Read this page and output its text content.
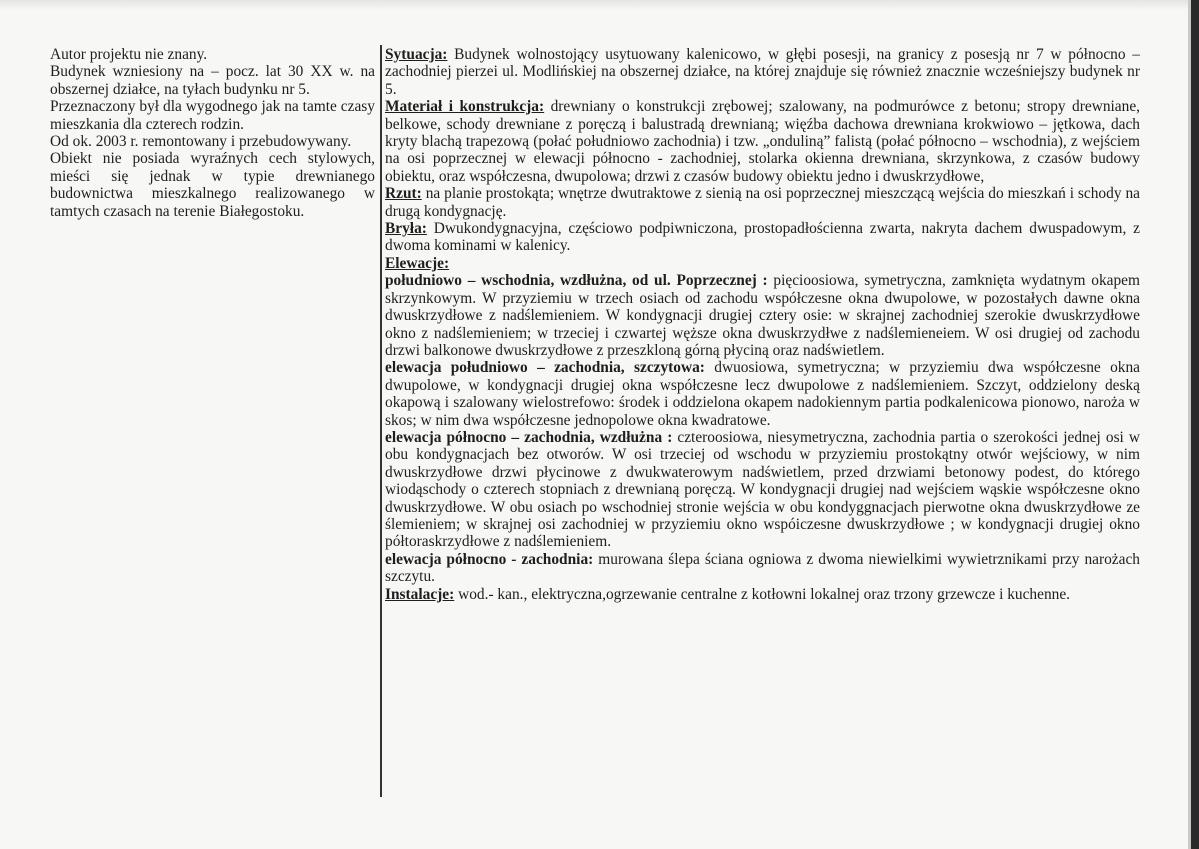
Autor projektu nie znany.

Budynek wzniesiony na – pocz. lat 30 XX w. na obszernej działce, na tyłach budynku nr 5.

Przeznaczony był dla wygodnego jak na tamte czasy mieszkania dla czterech rodzin.

Od ok. 2003 r. remontowany i przebudowywany.

Obiekt nie posiada wyraźnych cech stylowych, mieści się jednak w typie drewnianego budownictwa mieszkalnego realizowanego w tamtych czasach na terenie Białegostoku.

Sytuacja: Budynek wolnostojący usytuowany kalenicowo, w głębi posesji, na granicy z posesją nr 7 w północno – zachodniej pierzei ul. Modlińskiej na obszernej działce, na której znajduje się również znacznie wcześniejszy budynek nr 5.

Materiał i konstrukcja: drewniany o konstrukcji zrębowej; szalowany, na podmurówce z betonu; stropy drewniane, belkowe, schody drewniane z poręczą i balustradą drewnianą; więźba dachowa drewniana krokwiowo – jętkowa, dach kryty blachą trapezową (połać południowo zachodnia) i tzw. „onduliną” falistą (połać północno – wschodnia), z wejściem na osi poprzecznej w elewacji północno - zachodniej, stolarka okienna drewniana, skrzynkowa, z czasów budowy obiektu, oraz współczesna, dwupolowa; drzwi z czasów budowy obiektu jedno i dwuskrzydłowe,

Rzut: na planie prostokąta; wnętrze dwutraktowe z sienią na osi poprzecznej mieszczącą wejścia do mieszkań i schody na drugą kondygnację.

Bryła: Dwukondygnacyjna, częściowo podpiwniczona, prostopadłościenna zwarta, nakryta dachem dwuspadowym, z dwoma kominami w kalenicy.

Elewacje:

południowo – wschodnia, wzdłużna, od ul. Poprzecznej : pięcioosiowa, symetryczna, zamknięta wydatnym okapem skrzynkowym. W przyziemiu w trzech osiach od zachodu współczesne okna dwupolowe, w pozostałych dawne okna dwuskrzydłowe z nadślemieniem. W kondygnacji drugiej cztery osie: w skrajnej zachodniej szerokie dwuskrzydłowe okno z nadślemieniem; w trzeciej i czwartej węższe okna dwuskrzydłwe z nadślemieneiem. W osi drugiej od zachodu drzwi balkonowe dwuskrzydłowe z przeszkloną górną płyciną oraz nadświetlem.

elewacja południowo – zachodnia, szczytowa: dwuosiowa, symetryczna; w przyziemiu dwa współczesne okna dwupolowe, w kondygnacji drugiej okna współczesne lecz dwupolowe z nadślemieniem. Szczyt, oddzielony deską okapową i szalowany wielostrefowo: środek i oddzielona okapem nadokiennym partia podkalenicowa pionowo, naroża w skos; w nim dwa współczesne jednopolowe okna kwadratowe.

elewacja północno – zachodnia, wzdłużna : czteroosiowa, niesymetryczna, zachodnia partia o szerokości jednej osi w obu kondygnacjach bez otworów. W osi trzeciej od wschodu w przyziemiu prostokątny otwór wejściowy, w nim dwuskrzydłowe drzwi płycinowe z dwukwaterowym nadświetlem, przed drzwiami betonowy podest, do którego wiodąschody o czterech stopniach z drewnianą poręczą. W kondygnacji drugiej nad wejściem wąskie współczesne okno dwuskrzydłowe. W obu osiach po wschodniej stronie wejścia w obu kondyggnacjach pierwotne okna dwuskrzydłowe ze ślemieniem; w skrajnej osi zachodniej w przyziemiu okno wspóiczesne dwuskrzydłowe ; w kondygnacji drugiej okno półtoraskrzydłowe z nadślemieniem.

elewacja północno - zachodnia: murowana ślepa ściana ogniowa z dwoma niewielkimi wywietrznikami przy narożach szczytu.

Instalacje: wod.- kan., elektryczna,ogrzewanie centralne z kotłowni lokalnej oraz trzony grzewcze i kuchenne.
